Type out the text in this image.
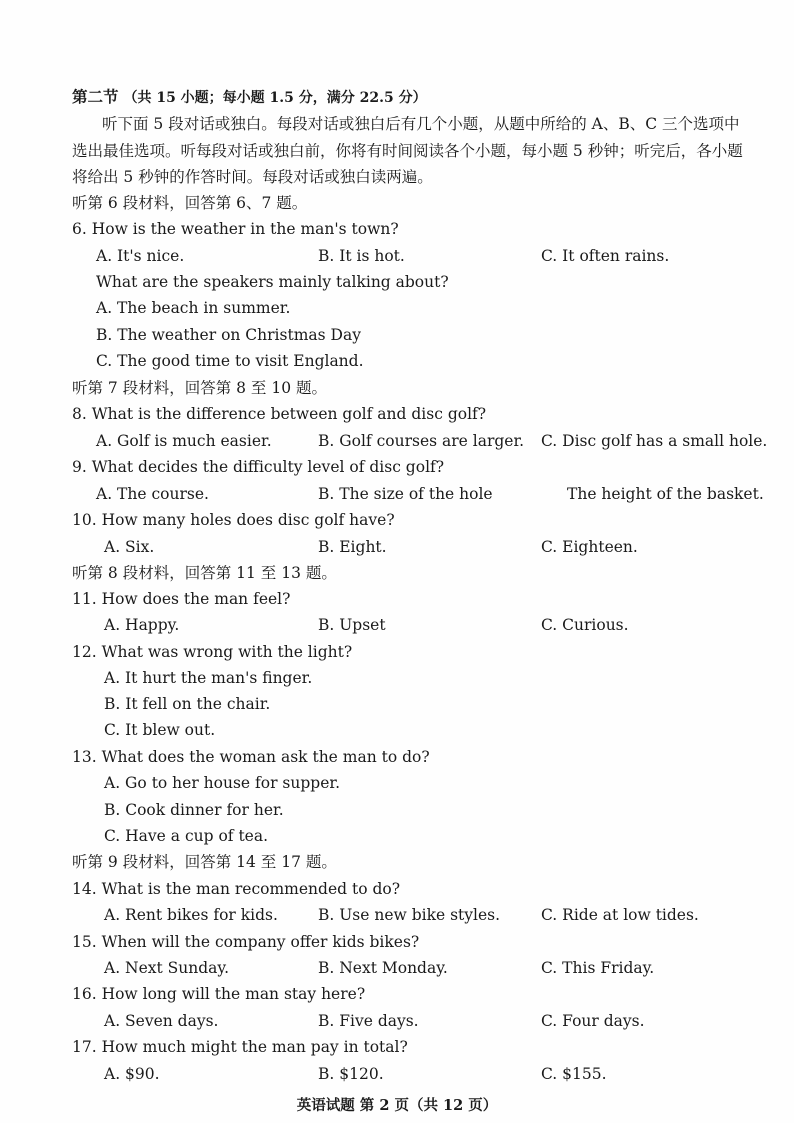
第二节 （共 15 小题；每小题 1.5 分，满分 22.5 分）
听下面 5 段对话或独白。每段对话或独白后有几个小题，从题中所给的 A、B、C 三个选项中
选出最佳选项。听每段对话或独白前，你将有时间阅读各个小题，每小题 5 秒钟；听完后，各小题
将给出 5 秒钟的作答时间。每段对话或独白读两遍。
听第 6 段材料，回答第 6、7 题。
6. How is the weather in the man's town?
A. It's nice.	B. It is hot.	C. It often rains.
What are the speakers mainly talking about?
A. The beach in summer.
B. The weather on Christmas Day
C. The good time to visit England.
听第 7 段材料，回答第 8 至 10 题。
8. What is the difference between golf and disc golf?
A. Golf is much easier.	B. Golf courses are larger. C. Disc golf has a small hole.
9. What decides the difficulty level of disc golf?
A. The course.	B. The size of the hole	The height of the basket.
10. How many holes does disc golf have?
A. Six.	B. Eight.	C. Eighteen.
听第 8 段材料，回答第 11 至 13 题。
11. How does the man feel?
A. Happy.	B. Upset	C. Curious.
12. What was wrong with the light?
A. It hurt the man's finger.
B. It fell on the chair.
C. It blew out.
13. What does the woman ask the man to do?
A. Go to her house for supper.
B. Cook dinner for her.
C. Have a cup of tea.
听第 9 段材料，回答第 14 至 17 题。
14. What is the man recommended to do?
A. Rent bikes for kids.	B. Use new bike styles.	C. Ride at low tides.
15. When will the company offer kids bikes?
A. Next Sunday.	B. Next Monday.	C. This Friday.
16. How long will the man stay here?
A. Seven days.	B. Five days.	C. Four days.
17. How much might the man pay in total?
A. $90.	B. $120.	C. $155.
英语试题 第 2 页（共 12 页）
